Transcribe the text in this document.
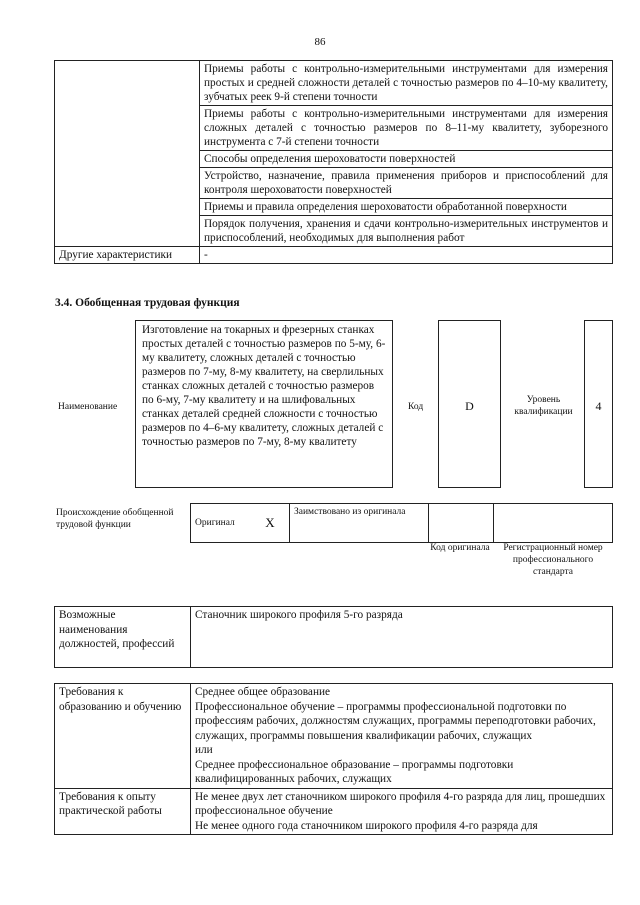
86
	Приемы работы с контрольно-измерительными инструментами для измерения простых и средней сложности деталей с точностью размеров по 4–10-му квалитету, зубчатых реек 9-й степени точности
	Приемы работы с контрольно-измерительными инструментами для измерения сложных деталей с точностью размеров по 8–11-му квалитету, зуборезного инструмента с 7-й степени точности
	Способы определения шероховатости поверхностей
	Устройство, назначение, правила применения приборов и приспособлений для контроля шероховатости поверхностей
	Приемы и правила определения шероховатости обработанной поверхности
	Порядок получения, хранения и сдачи контрольно-измерительных инструментов и приспособлений, необходимых для выполнения работ
Другие характеристики	-
3.4. Обобщенная трудовая функция
Наименование
Изготовление на токарных и фрезерных станках простых деталей с точностью размеров по 5-му, 6-му квалитету, сложных деталей с точностью размеров по 7-му, 8-му квалитету, на сверлильных станках сложных деталей с точностью размеров по 6-му, 7-му квалитету и на шлифовальных станках деталей средней сложности с точностью размеров по 4–6-му квалитету, сложных деталей с точностью размеров по 7-му, 8-му квалитету
Код	D	Уровень квалификации	4
Происхождение обобщенной трудовой функции	Оригинал	X	Заимствовано из оригинала		
Код оригинала	Регистрационный номер профессионального стандарта
Возможные наименования должностей, профессий	Станочник широкого профиля 5-го разряда
Требования к образованию и обучению	Среднее общее образование
Профессиональное обучение – программы профессиональной подготовки по профессиям рабочих, должностям служащих, программы переподготовки рабочих, служащих, программы повышения квалификации рабочих, служащих
или
Среднее профессиональное образование – программы подготовки квалифицированных рабочих, служащих

Требования к опыту практической работы	Не менее двух лет станочником широкого профиля 4-го разряда для лиц, прошедших профессиональное обучение
Не менее одного года станочником широкого профиля 4-го разряда для
